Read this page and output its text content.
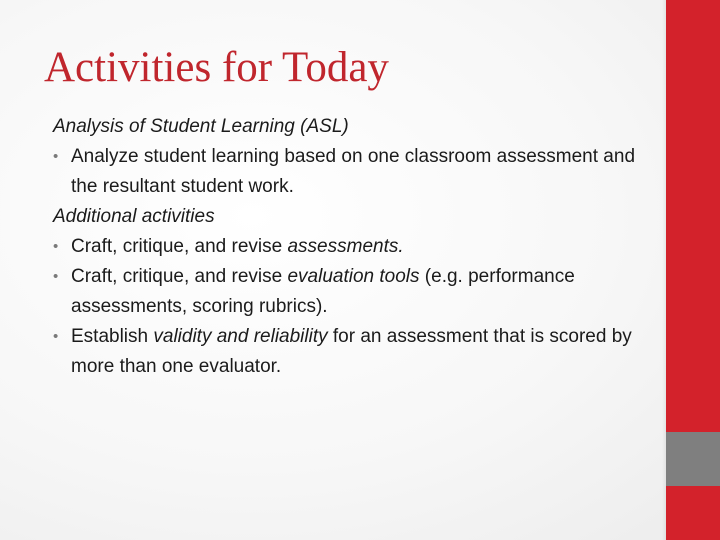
Activities for Today

Analysis of Student Learning (ASL)

• Analyze student learning based on one classroom assessment and the resultant student work.

Additional activities

• Craft, critique, and revise assessments.
• Craft, critique, and revise evaluation tools (e.g. performance assessments, scoring rubrics).
• Establish validity and reliability for an assessment that is scored by more than one evaluator.
